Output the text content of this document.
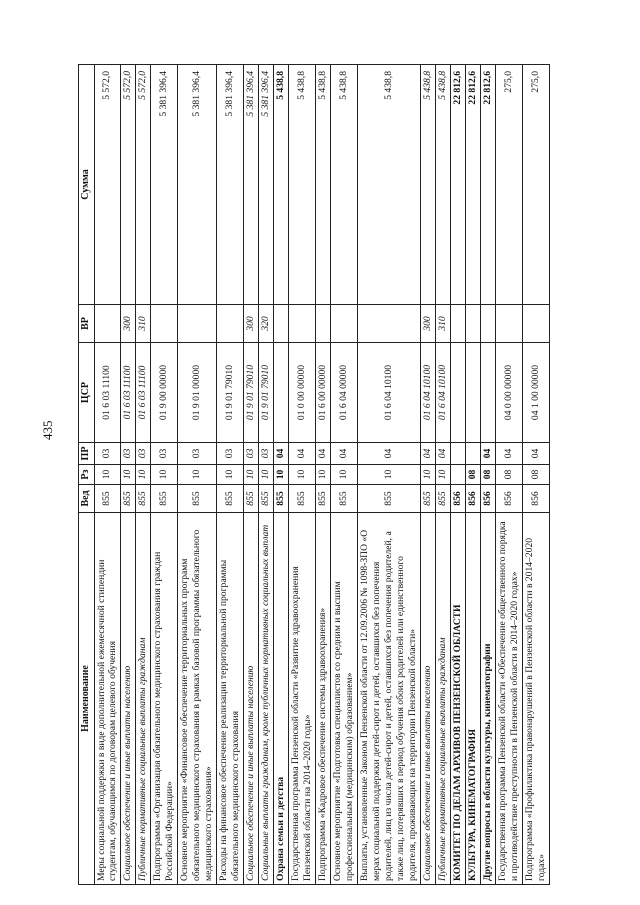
435
Наименование	Вед	Рз	ПР	ЦСР	ВР	Сумма
Меры социальной поддержки в виде дополнительной ежемесячной стипендии студентам, обучающимся по договорам целевого обучения	855	10	03	01 6 03 11100		5 572,0
Социальное обеспечение и иные выплаты населению	855	10	03	01 6 03 11100	300	5 572,0
Публичные нормативные социальные выплаты гражданам	855	10	03	01 6 03 11100	310	5 572,0
Подпрограмма «Организация обязательного медицинского страхования граждан Российской Федерации»	855	10	03	01 9 00 00000		5 381 396,4
Основное мероприятие «Финансовое обеспечение территориальных программ обязательного медицинского страхования в рамках базовой программы обязательного медицинского страхования»	855	10	03	01 9 01 00000		5 381 396,4
Расходы на финансовое обеспечение реализации территориальной программы обязательного медицинского страхования	855	10	03	01 9 01 79010		5 381 396,4
Социальное обеспечение и иные выплаты населению	855	10	03	01 9 01 79010	300	5 381 396,4
Социальные выплаты гражданам, кроме публичных нормативных социальных выплат	855	10	03	01 9 01 79010	320	5 381 396,4
Охрана семьи и детства	855	10	04			5 438,8
Государственная программа Пензенской области «Развитие здравоохранения Пензенской области на 2014–2020 годы»	855	10	04	01 0 00 00000		5 438,8
Подпрограмма «Кадровое обеспечение системы здравоохранения»	855	10	04	01 6 00 00000		5 438,8
Основное мероприятие «Подготовка специалистов со средним и высшим профессиональным (медицинским) образованием»	855	10	04	01 6 04 00000		5 438,8
Выплаты, установленные Законом Пензенской области от 12.09.2006 № 1098-ЗПО «О мерах социальной поддержки детей-сирот и детей, оставшихся без попечения родителей, лиц из числа детей-сирот и детей, оставшихся без попечения родителей, а также лиц, потерявших в период обучения обоих родителей или единственного родителя, проживающих на территории Пензенской области»	855	10	04	01 6 04 10100		5 438,8
Социальное обеспечение и иные выплаты населению	855	10	04	01 6 04 10100	300	5 438,8
Публичные нормативные социальные выплаты гражданам	855	10	04	01 6 04 10100	310	5 438,8
КОМИТЕТ ПО ДЕЛАМ АРХИВОВ ПЕНЗЕНСКОЙ ОБЛАСТИ	856					22 812,6
КУЛЬТУРА, КИНЕМАТОГРАФИЯ	856	08				22 812,6
Другие вопросы в области культуры, кинематографии	856	08	04			22 812,6
Государственная программа Пензенской области «Обеспечение общественного порядка и противодействие преступности в Пензенской области в 2014–2020 годах»	856	08	04	04 0 00 00000		275,0
Подпрограмма «Профилактика правонарушений в Пензенской области в 2014–2020 годах»	856	08	04	04 1 00 00000		275,0
